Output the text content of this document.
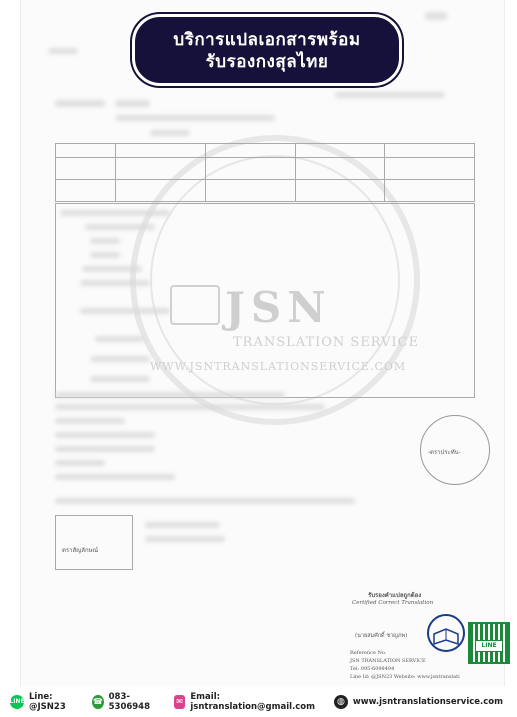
JSN
TRANSLATION SERVICE
WWW.JSNTRANSLATIONSERVICE.COM
บริการแปลเอกสารพร้อม
รับรองกงสุลไทย

-ตราประทับ-
ตราสัญลักษณ์
รับรองคำแปลถูกต้อง
Certified Correct Translation
(นายสมศักดิ์ ชาญภพ)
Reference No.
JSN TRANSLATION SERVICE
Tel: 095-6098494
Line Id: @JSN23 Website: www.jsntranslati
LINE
LINE Line: @JSN23	☎ 083-5306948	✉ Email: jsntranslation@gmail.com	◍ www.jsntranslationservice.com
